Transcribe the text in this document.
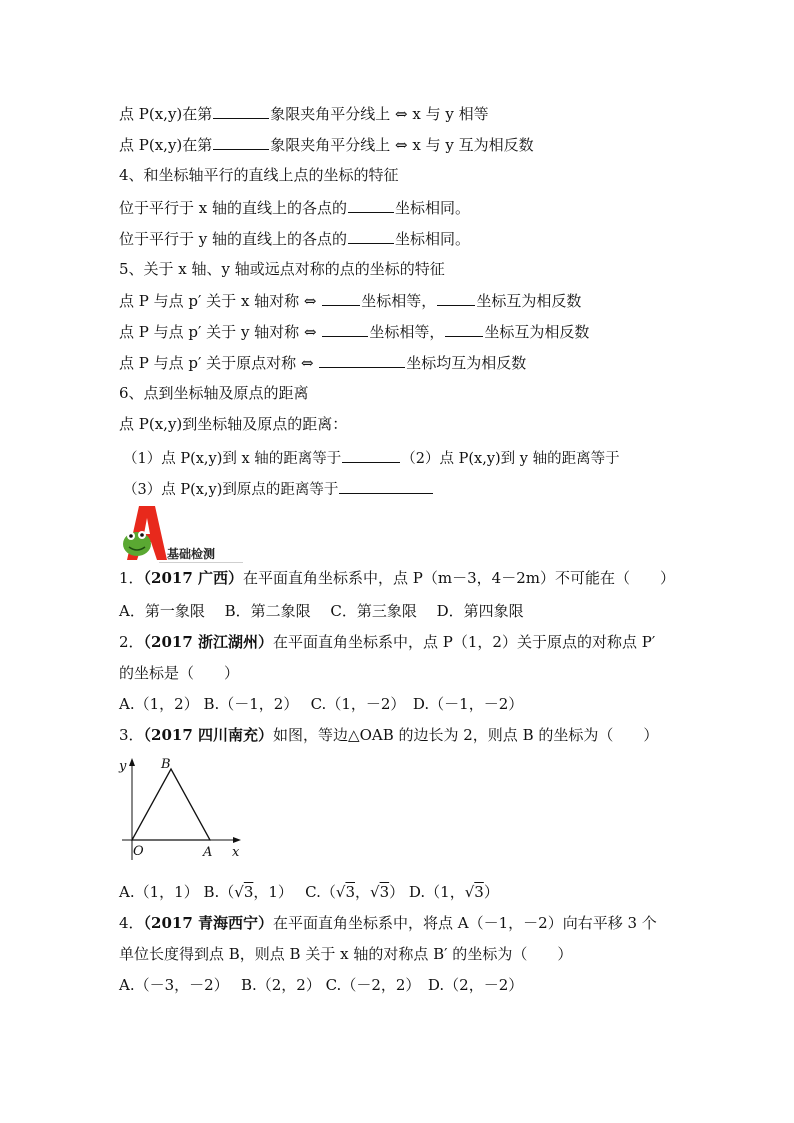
点 P(x,y)在第	象限夹角平分线上 ⇔ x 与 y 相等
点 P(x,y)在第	象限夹角平分线上 ⇔ x 与 y 互为相反数
4、和坐标轴平行的直线上点的坐标的特征
位于平行于 x 轴的直线上的各点的	坐标相同。
位于平行于 y 轴的直线上的各点的	坐标相同。
5、关于 x 轴、y 轴或远点对称的点的坐标的特征
点 P 与点 p′ 关于 x 轴对称 ⇔	坐标相等，	坐标互为相反数
点 P 与点 p′ 关于 y 轴对称 ⇔	坐标相等，	坐标互为相反数
点 P 与点 p′ 关于原点对称 ⇔	坐标均互为相反数
6、点到坐标轴及原点的距离
点 P(x,y)到坐标轴及原点的距离：
（1）点 P(x,y)到 x 轴的距离等于	（2）点 P(x,y)到 y 轴的距离等于
（3）点 P(x,y)到原点的距离等于
基础检测
1．（2017 广西）在平面直角坐标系中，点 P（m－3，4－2m）不可能在（　　）
A．第一象限　 B．第二象限　 C．第三象限　 D．第四象限
2．（2017 浙江湖州）在平面直角坐标系中，点 P（1，2）关于原点的对称点 P′
的坐标是（　　）
A.（1，2） B.（－1，2）　 C.（1，－2）　D.（－1，－2）
3．（2017 四川南充）如图，等边△OAB 的边长为 2，则点 B 的坐标为（　　）
y	B
O	A x
A.（1，1） B.（√3，1）　 C.（√3，√3） D.（1，√3）
4．（2017 青海西宁）在平面直角坐标系中，将点 A（－1，－2）向右平移 3 个
单位长度得到点 B，则点 B 关于 x 轴的对称点 B′ 的坐标为（　　）
A.（－3，－2）　 B.（2，2） C.（－2，2）　D.（2，－2）
